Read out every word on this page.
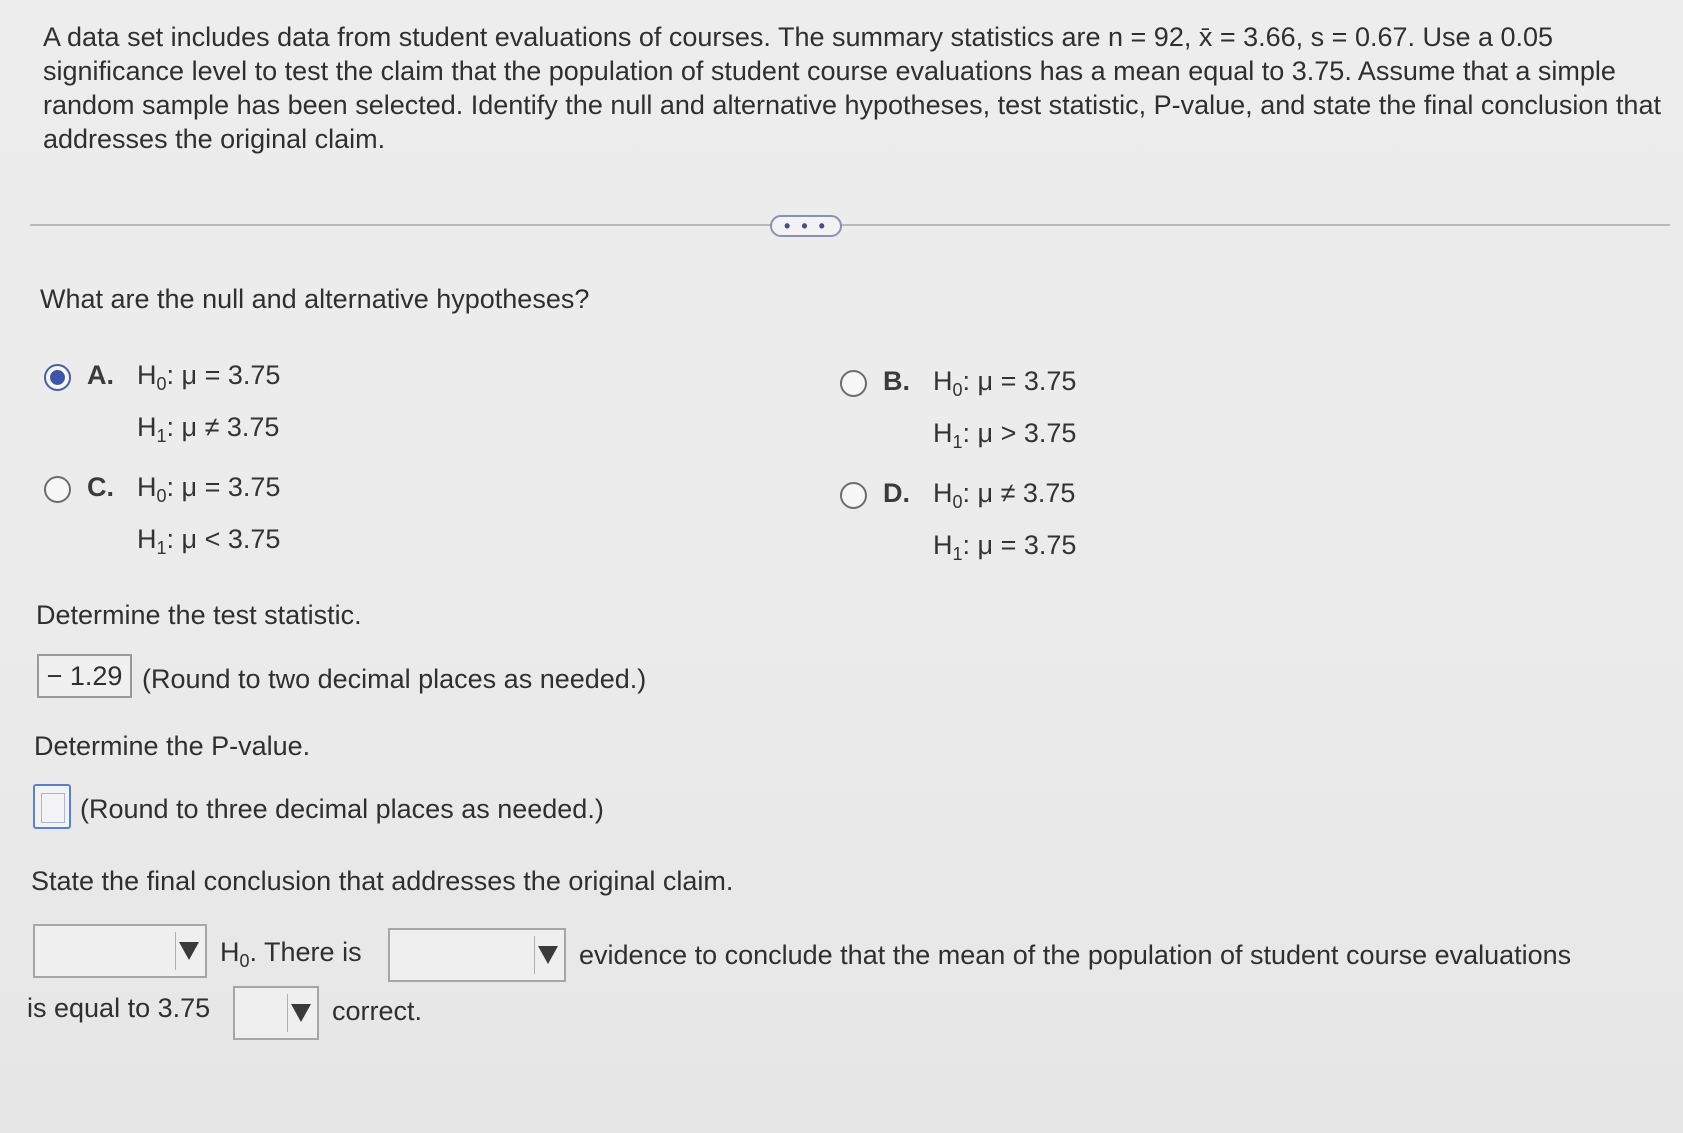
A data set includes data from student evaluations of courses. The summary statistics are n = 92, x̄ = 3.66, s = 0.67. Use a 0.05 significance level to test the claim that the population of student course evaluations has a mean equal to 3.75. Assume that a simple random sample has been selected. Identify the null and alternative hypotheses, test statistic, P-value, and state the final conclusion that addresses the original claim.
• • •
What are the null and alternative hypotheses?
A. $H_0$: μ = 3.75
$H_1$: μ ≠ 3.75
B. $H_0$: μ = 3.75
$H_1$: μ > 3.75
C. $H_0$: μ = 3.75
$H_1$: μ < 3.75
D. $H_0$: μ ≠ 3.75
$H_1$: μ = 3.75
Determine the test statistic.
− 1.29 (Round to two decimal places as needed.)
Determine the P-value.
(Round to three decimal places as needed.)
State the final conclusion that addresses the original claim.
$H_0$. There is	evidence to conclude that the mean of the population of student course evaluations
is equal to 3.75	correct.
